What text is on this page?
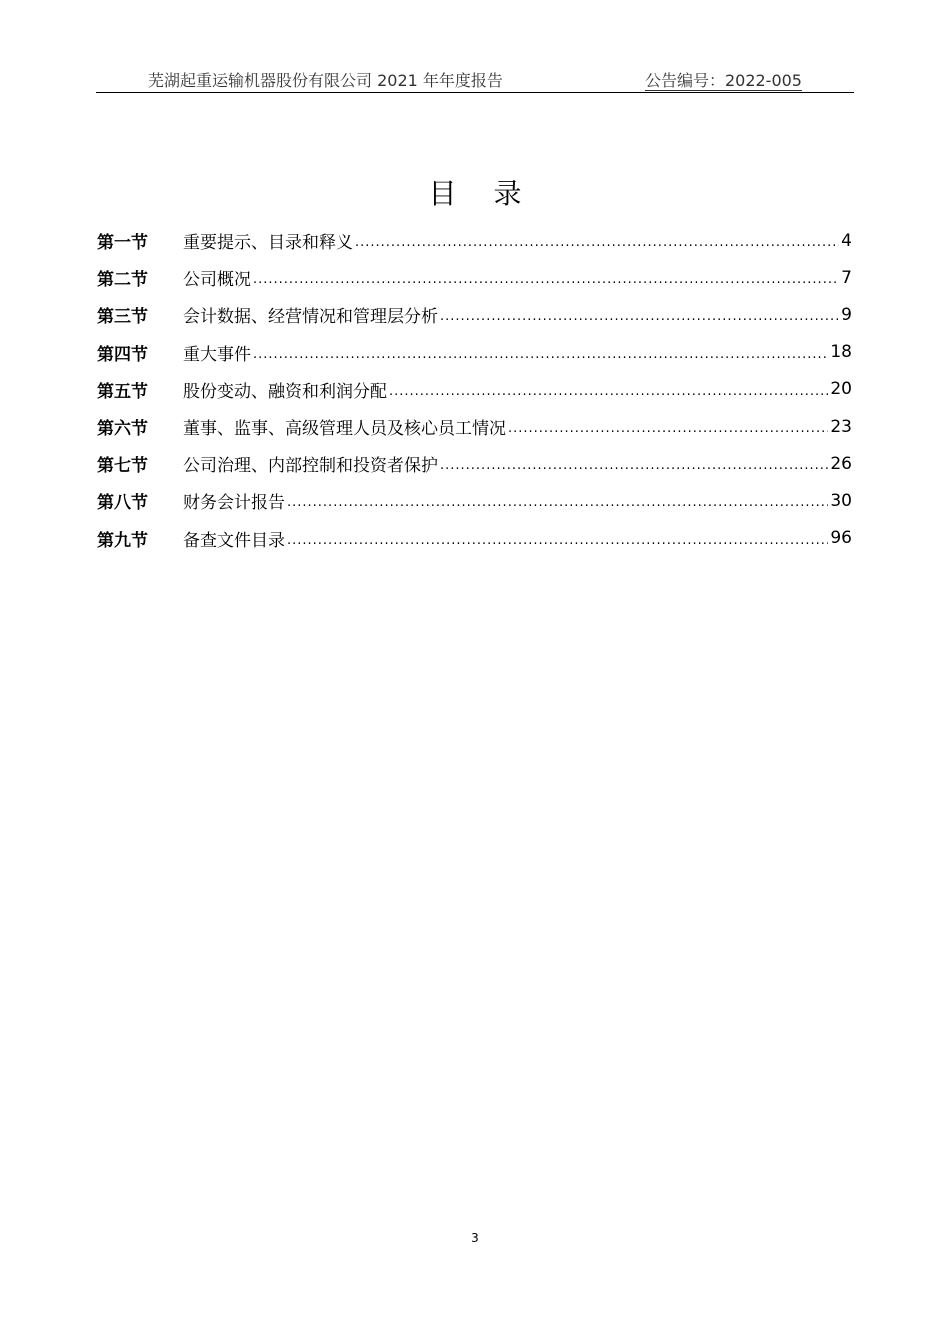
芜湖起重运输机器股份有限公司 2021 年年度报告	公告编号：2022-005
目 录
第一节	重要提示、目录和释义 .....	4
第二节	公司概况 .....	7
第三节	会计数据、经营情况和管理层分析 .....	9
第四节	重大事件 .....	18
第五节	股份变动、融资和利润分配 .....	20
第六节	董事、监事、高级管理人员及核心员工情况 .....	23
第七节	公司治理、内部控制和投资者保护 .....	26
第八节	财务会计报告 .....	30
第九节	备查文件目录 .....	96
3
